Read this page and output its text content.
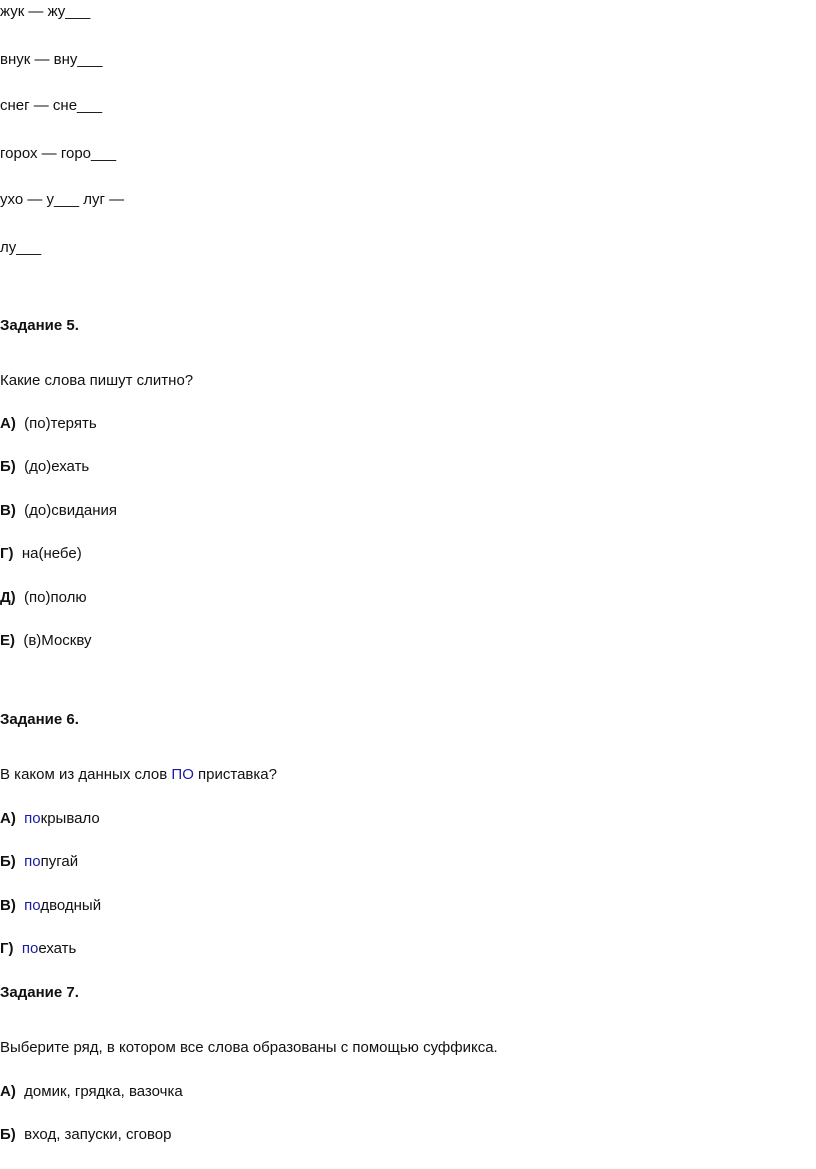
жук — жу___
внук — вну___
снег — сне___
горох — горо___
ухо — у___ луг —
лу___
Задание 5.
Какие слова пишут слитно?
А) (по)терять
Б) (до)ехать
В) (до)свидания
Г) на(небе)
Д) (по)полю
Е) (в)Москву
Задание 6.
В каком из данных слов ПО приставка?
А) покрывало
Б) попугай
В) подводный
Г) поехать
Задание 7.
Выберите ряд, в котором все слова образованы с помощью суффикса.
А) домик, грядка, вазочка
Б) вход, запуски, сговор
